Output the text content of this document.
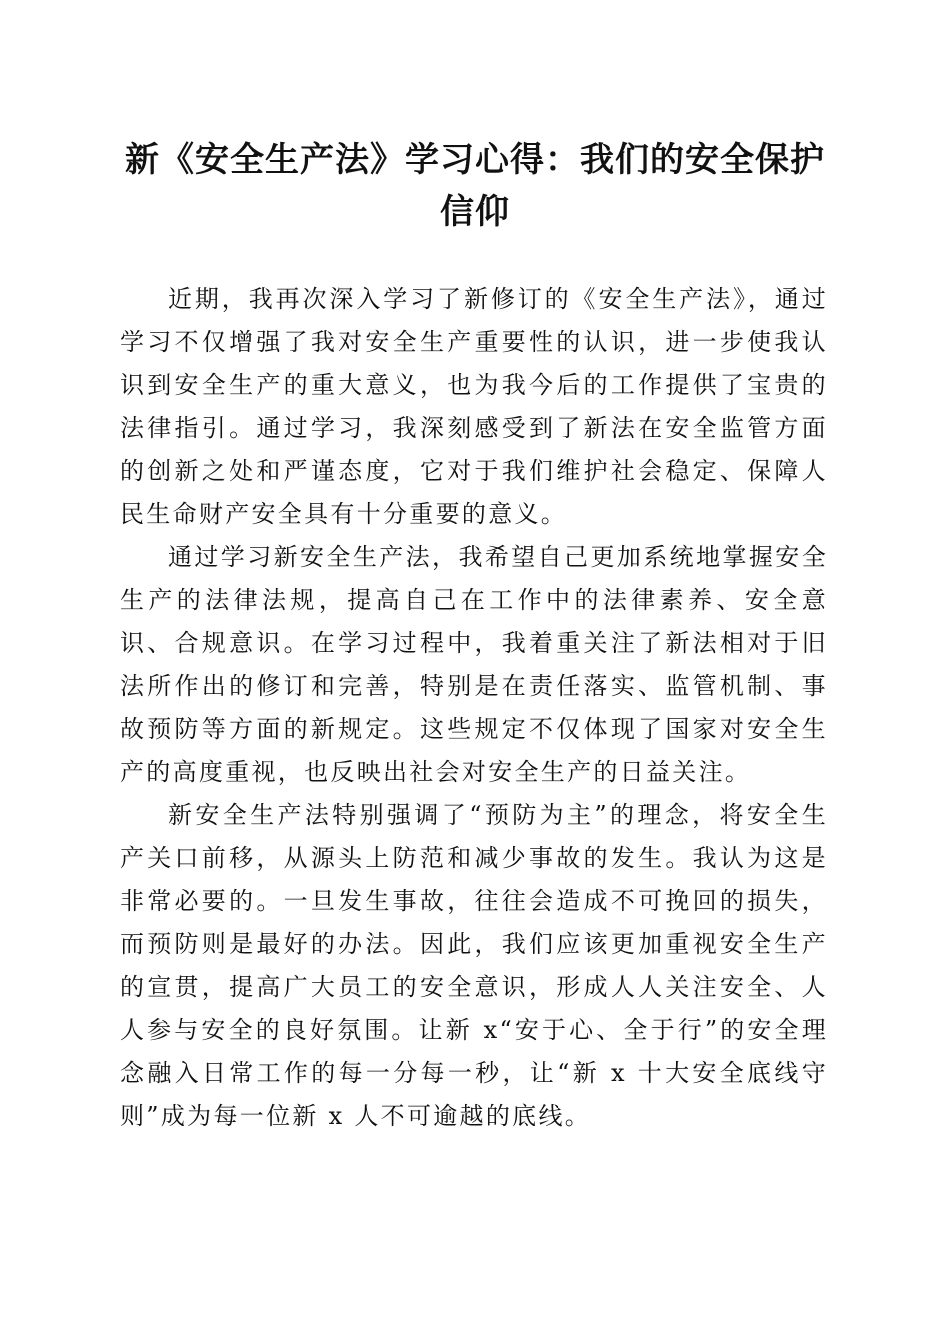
新《安全生产法》学习心得：我们的安全保护信仰

近期，我再次深入学习了新修订的《安全生产法》，通过学习不仅增强了我对安全生产重要性的认识，进一步使我认识到安全生产的重大意义，也为我今后的工作提供了宝贵的法律指引。通过学习，我深刻感受到了新法在安全监管方面的创新之处和严谨态度，它对于我们维护社会稳定、保障人民生命财产安全具有十分重要的意义。

通过学习新安全生产法，我希望自己更加系统地掌握安全生产的法律法规，提高自己在工作中的法律素养、安全意识、合规意识。在学习过程中，我着重关注了新法相对于旧法所作出的修订和完善，特别是在责任落实、监管机制、事故预防等方面的新规定。这些规定不仅体现了国家对安全生产的高度重视，也反映出社会对安全生产的日益关注。

新安全生产法特别强调了“预防为主”的理念，将安全生产关口前移，从源头上防范和减少事故的发生。我认为这是非常必要的。一旦发生事故，往往会造成不可挽回的损失，而预防则是最好的办法。因此，我们应该更加重视安全生产的宣贯，提高广大员工的安全意识，形成人人关注安全、人人参与安全的良好氛围。让新 x“安于心、全于行”的安全理念融入日常工作的每一分每一秒，让“新 x 十大安全底线守则”成为每一位新 x 人不可逾越的底线。
